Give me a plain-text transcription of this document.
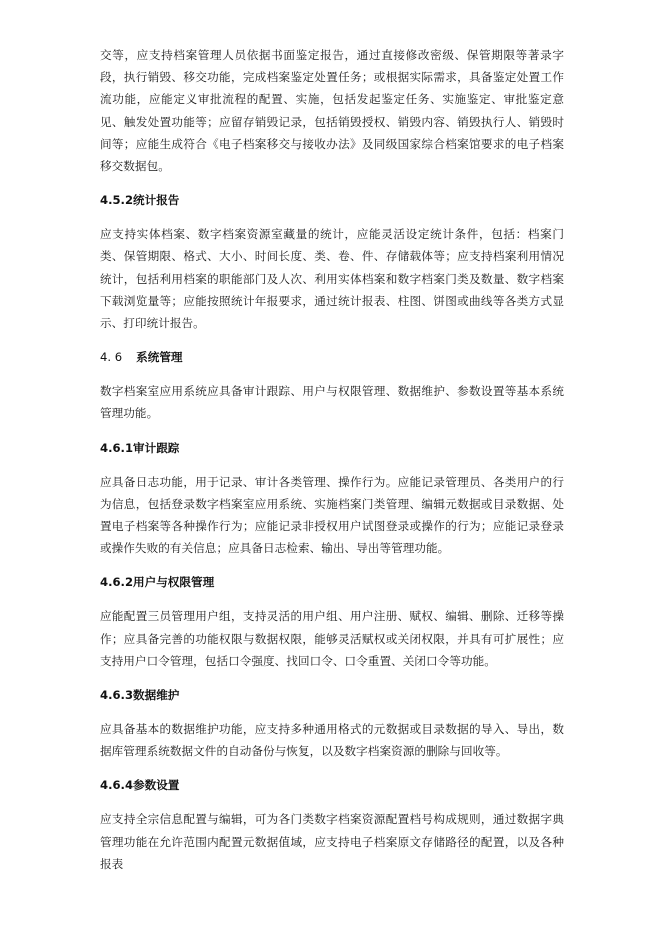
交等，应支持档案管理人员依据书面鉴定报告，通过直接修改密级、保管期限等著录字段，执行销毁、移交功能，完成档案鉴定处置任务；或根据实际需求，具备鉴定处置工作流功能，应能定义审批流程的配置、实施，包括发起鉴定任务、实施鉴定、审批鉴定意见、触发处置功能等；应留存销毁记录，包括销毁授权、销毁内容、销毁执行人、销毁时间等；应能生成符合《电子档案移交与接收办法》及同级国家综合档案馆要求的电子档案移交数据包。

4.5.2统计报告

应支持实体档案、数字档案资源室藏量的统计，应能灵活设定统计条件，包括：档案门类、保管期限、格式、大小、时间长度、类、卷、件、存储载体等；应支持档案利用情况统计，包括利用档案的职能部门及人次、利用实体档案和数字档案门类及数量、数字档案下载浏览量等；应能按照统计年报要求，通过统计报表、柱图、饼图或曲线等各类方式显示、打印统计报告。

4. 6 系统管理

数字档案室应用系统应具备审计跟踪、用户与权限管理、数据维护、参数设置等基本系统管理功能。

4.6.1审计跟踪

应具备日志功能，用于记录、审计各类管理、操作行为。应能记录管理员、各类用户的行为信息，包括登录数字档案室应用系统、实施档案门类管理、编辑元数据或目录数据、处置电子档案等各种操作行为；应能记录非授权用户试图登录或操作的行为；应能记录登录或操作失败的有关信息；应具备日志检索、输出、导出等管理功能。

4.6.2用户与权限管理

应能配置三员管理用户组，支持灵活的用户组、用户注册、赋权、编辑、删除、迁移等操作；应具备完善的功能权限与数据权限，能够灵活赋权或关闭权限，并具有可扩展性；应支持用户口令管理，包括口令强度、找回口令、口令重置、关闭口令等功能。

4.6.3数据维护

应具备基本的数据维护功能，应支持多种通用格式的元数据或目录数据的导入、导出，数据库管理系统数据文件的自动备份与恢复，以及数字档案资源的删除与回收等。

4.6.4参数设置

应支持全宗信息配置与编辑，可为各门类数字档案资源配置档号构成规则，通过数据字典管理功能在允许范围内配置元数据值域，应支持电子档案原文存储路径的配置，以及各种报表
